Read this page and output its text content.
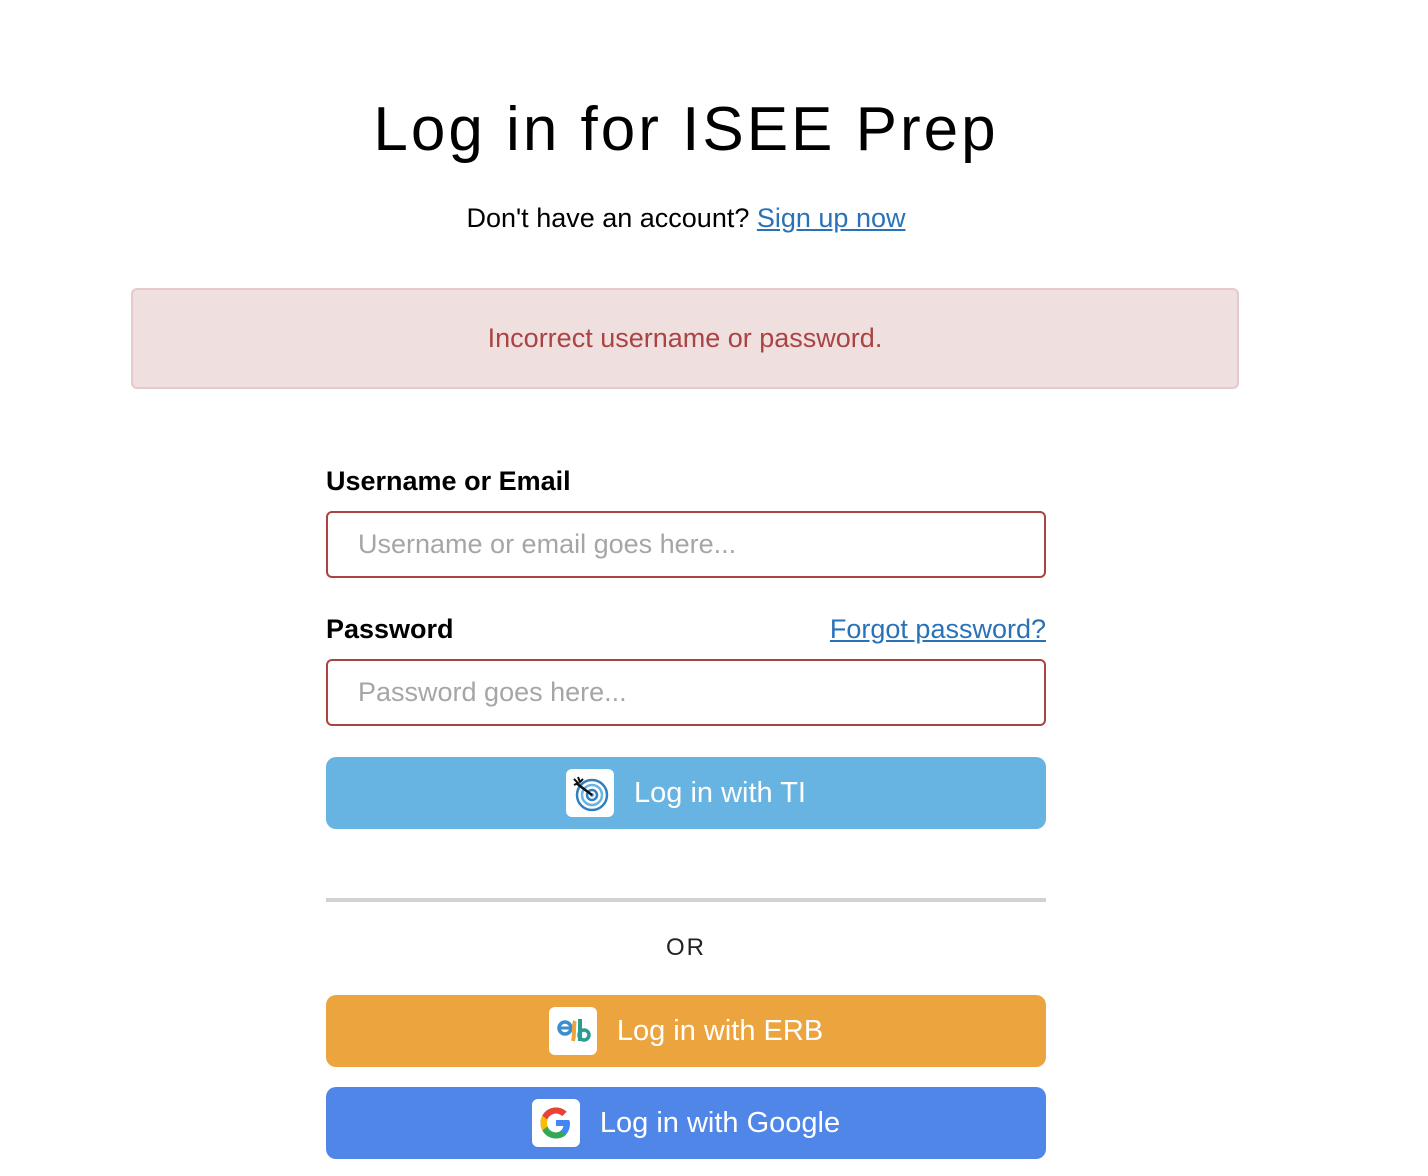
Log in for ISEE Prep
Don't have an account? Sign up now
Incorrect username or password.
Username or Email
Username or email goes here...
Password	Forgot password?
Log in with TI
OR
Log in with ERB
Log in with Google
